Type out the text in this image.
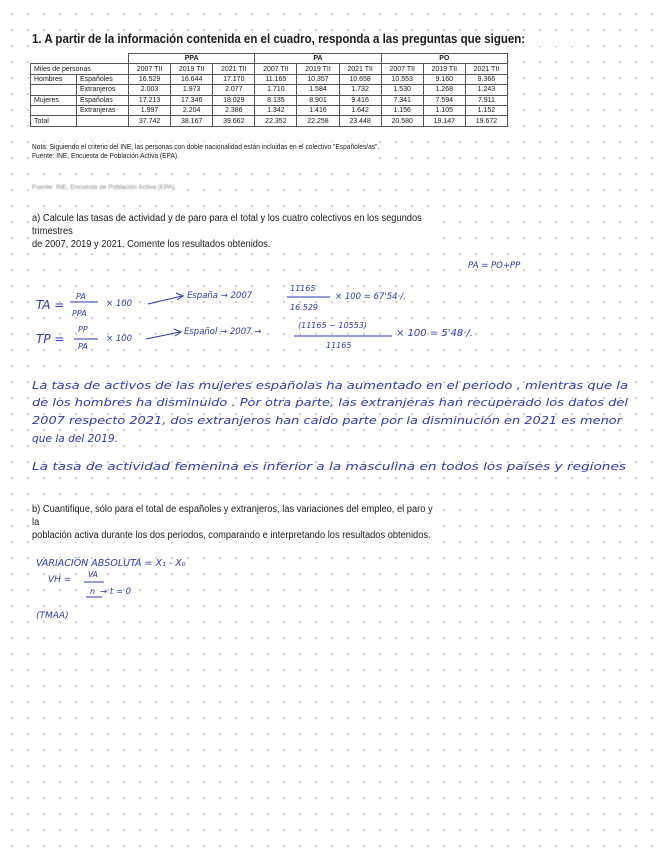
1. A partir de la información contenida en el cuadro, responda a las preguntas que siguen:
		PPA			PA			PO		
Miles de personas		2007 TII	2019 TII	2021 TII	2007 TII	2019 TII	2021 TII	2007 TII	2019 TII	2021 TII
Hombres	Españoles	16.529	16.644	17.170	11.165	10.357	10.658	10.553	9.160	9.366
	Extranjeros	2.003	1.973	2.077	1.710	1.584	1.732	1.530	1.268	1.243
Mujeres	Españolas	17.213	17.346	18.029	8.135	8.901	9.416	7.341	7.594	7.911
	Extranjeras	1.997	2.204	2.386	1.342	1.416	1.642	1.156	1.105	1.152
Total		37.742	38.167	39.662	22.352	22.258	23.448	20.580	19.147	19.672
Nota: Siguiendo el criterio del INE, las personas con doble nacionalidad están incluidas en el colectivo "Españoles/as".
Fuente: INE, Encuesta de Población Activa (EPA).
Fuente: INE, Encuesta de Población Activa (EPA).
a) Calcule las tasas de actividad y de paro para el total y los cuatro colectivos en los segundos trimestres
de 2007, 2019 y 2021. Comente los resultados obtenidos.
b) Cuantifique, sólo para el total de españoles y extranjeros, las variaciones del empleo, el paro y la
población activa durante los dos periodos, comparando e interpretando los resultados obtenidos.
PA = PO+PP
TA =
PA
PPA
× 100
España → 2007
11165
16.529
× 100 = 67'54·/.
TP =
PP
PA
× 100
Español → 2007 →
(11165 − 10553)
11165
× 100 = 5'48·/.
La tasa de activos de las mujeres españolas ha aumentado en el periodo , mientras que la
de los hombres ha disminuido . Por otra parte, las extranjeras han recuperado los datos del
2007 respecto 2021, dos extranjeros han caido parte por la disminución en 2021 es menor
que la del 2019.
La tasa de actividad femenina es inferior a la masculina en todos los países y regiones
VARIACIÓN ABSOLUTA = X₁ - X₀
VH =
VA
n → t = 0
(TMAA)
